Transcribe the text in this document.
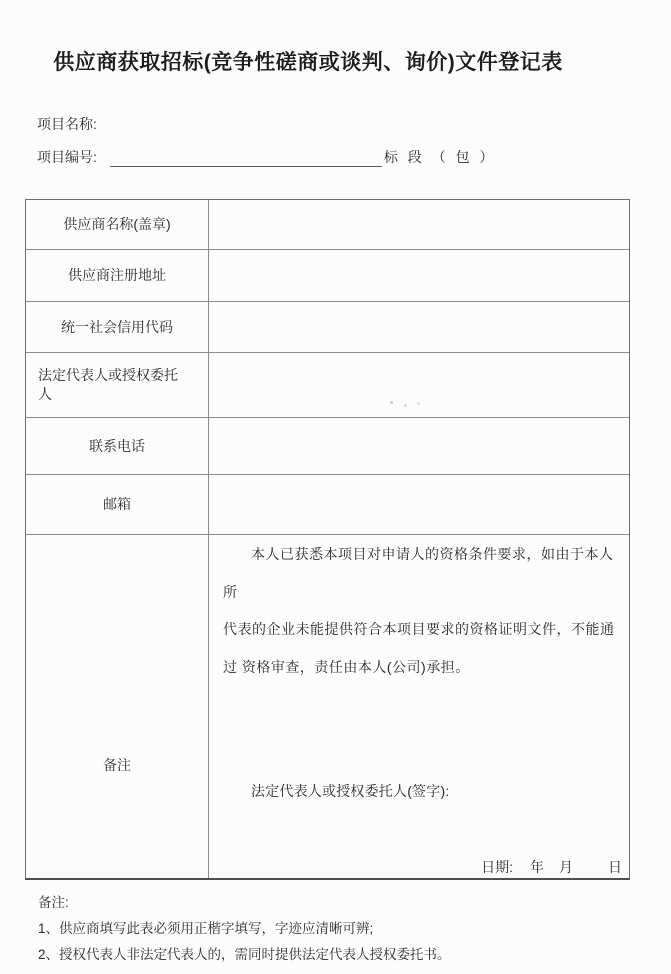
供应商获取招标(竞争性磋商或谈判、询价)文件登记表
项目名称:
项目编号:	标 段 （ 包 ）
供应商名称(盖章)
供应商注册地址
统一社会信用代码
法定代表人或授权委托人
联系电话
邮箱
备注
本人已获悉本项目对申请人的资格条件要求，如由于本人
所
代表的企业未能提供符合本项目要求的资格证明文件，不能通
过 资格审查，责任由本人(公司)承担。
法定代表人或授权委托人(签字):
日期: 年 月	日
备注:
1、供应商填写此表必须用正楷字填写，字迹应清晰可辨;
2、授权代表人非法定代表人的，需同时提供法定代表人授权委托书。
